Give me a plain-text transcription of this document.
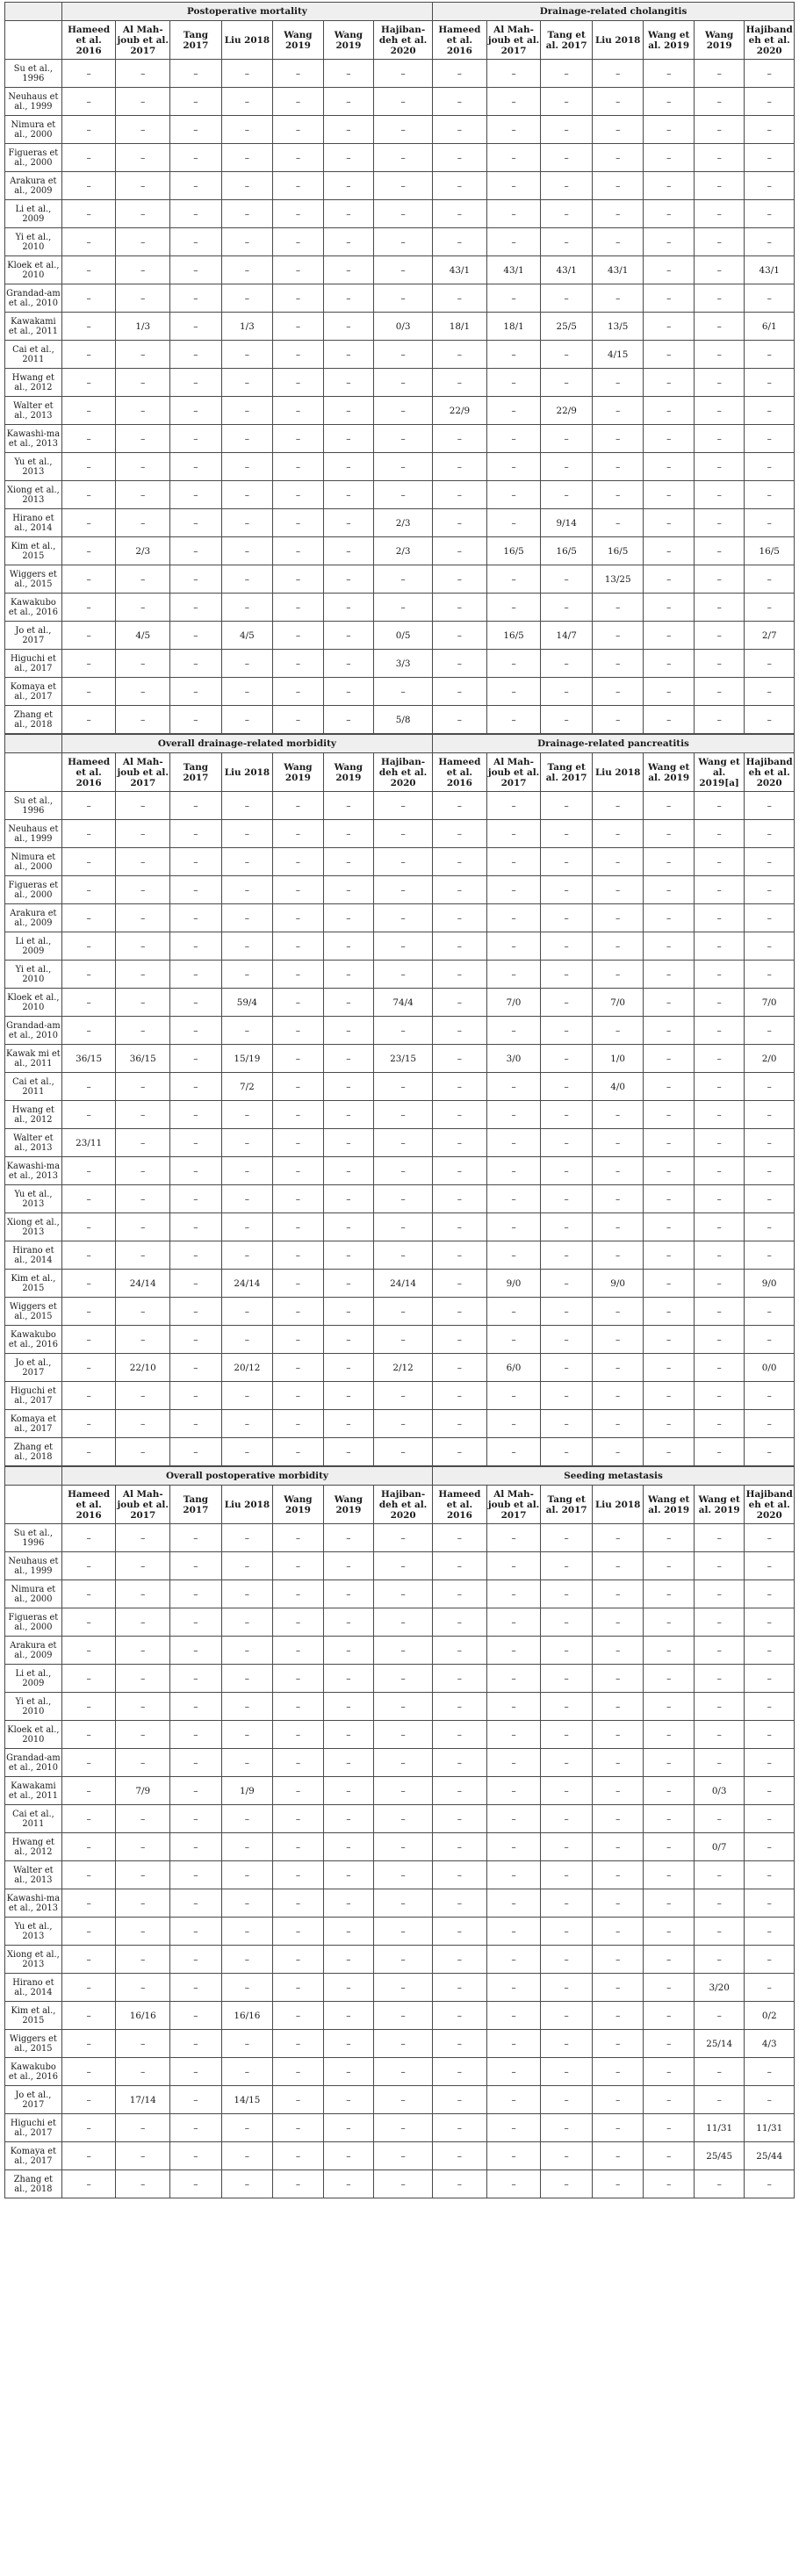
	Postoperative mortality							Drainage-related cholangitis						
	Hameed et al. 2016	Al Mah-joub et al. 2017	Tang 2017	Liu 2018	Wang 2019	Wang 2019	Hajiban-deh et al. 2020	Hameed et al. 2016	Al Mah-joub et al. 2017	Tang et al. 2017	Liu 2018	Wang et al. 2019	Wang 2019	Hajibandeh et al. 2020
Su et al., 1996	–	–	–	–	–	–	–	–	–	–	–	–	–	–
Neuhaus et al., 1999	–	–	–	–	–	–	–	–	–	–	–	–	–	–
Nimura et al., 2000	–	–	–	–	–	–	–	–	–	–	–	–	–	–
Figueras et al., 2000	–	–	–	–	–	–	–	–	–	–	–	–	–	–
Arakura et al., 2009	–	–	–	–	–	–	–	–	–	–	–	–	–	–
Li et al., 2009	–	–	–	–	–	–	–	–	–	–	–	–	–	–
Yi et al., 2010	–	–	–	–	–	–	–	–	–	–	–	–	–	–
Kloek et al., 2010	–	–	–	–	–	–	–	43/1	43/1	43/1	43/1	–	–	43/1
Grandad-am et al., 2010	–	–	–	–	–	–	–	–	–	–	–	–	–	–
Kawakami et al., 2011	–	1/3	–	1/3	–	–	0/3	18/1	18/1	25/5	13/5	–	–	6/1
Cai et al., 2011	–	–	–	–	–	–	–	–	–	–	4/15	–	–	–
Hwang et al., 2012	–	–	–	–	–	–	–	–	–	–	–	–	–	–
Walter et al., 2013	–	–	–	–	–	–	–	22/9	–	22/9	–	–	–	–
Kawashi-ma et al., 2013	–	–	–	–	–	–	–	–	–	–	–	–	–	–
Yu et al., 2013	–	–	–	–	–	–	–	–	–	–	–	–	–	–
Xiong et al., 2013	–	–	–	–	–	–	–	–	–	–	–	–	–	–
Hirano et al., 2014	–	–	–	–	–	–	2/3	–	–	9/14	–	–	–	–
Kim et al., 2015	–	2/3	–	–	–	–	2/3	–	16/5	16/5	16/5	–	–	16/5
Wiggers et al., 2015	–	–	–	–	–	–	–	–	–	–	13/25	–	–	–
Kawakubo et al., 2016	–	–	–	–	–	–	–	–	–	–	–	–	–	–
Jo et al., 2017	–	4/5	–	4/5	–	–	0/5	–	16/5	14/7	–	–	–	2/7
Higuchi et al., 2017	–	–	–	–	–	–	3/3	–	–	–	–	–	–	–
Komaya et al., 2017	–	–	–	–	–	–	–	–	–	–	–	–	–	–
Zhang et al., 2018	–	–	–	–	–	–	5/8	–	–	–	–	–	–	–
	Overall drainage-related morbidity							Drainage-related pancreatitis						
	Hameed et al. 2016	Al Mah-joub et al. 2017	Tang 2017	Liu 2018	Wang 2019	Wang 2019	Hajiban-deh et al. 2020	Hameed et al. 2016	Al Mah-joub et al. 2017	Tang et al. 2017	Liu 2018	Wang et al. 2019	Wang et al. 2019[a]	Hajibandeh et al. 2020
Su et al., 1996	–	–	–	–	–	–	–	–	–	–	–	–	–	–
Neuhaus et al., 1999	–	–	–	–	–	–	–	–	–	–	–	–	–	–
Nimura et al., 2000	–	–	–	–	–	–	–	–	–	–	–	–	–	–
Figueras et al., 2000	–	–	–	–	–	–	–	–	–	–	–	–	–	–
Arakura et al., 2009	–	–	–	–	–	–	–	–	–	–	–	–	–	–
Li et al., 2009	–	–	–	–	–	–	–	–	–	–	–	–	–	–
Yi et al., 2010	–	–	–	–	–	–	–	–	–	–	–	–	–	–
Kloek et al., 2010	–	–	–	59/4	–	–	74/4	–	7/0	–	7/0	–	–	7/0
Grandad-am et al., 2010	–	–	–	–	–	–	–	–	–	–	–	–	–	–
Kawak mi et al., 2011	36/15	36/15	–	15/19	–	–	23/15	–	3/0	–	1/0	–	–	2/0
Cai et al., 2011	–	–	–	7/2	–	–	–	–	–	–	4/0	–	–	–
Hwang et al., 2012	–	–	–	–	–	–	–	–	–	–	–	–	–	–
Walter et al., 2013	23/11	–	–	–	–	–	–	–	–	–	–	–	–	–
Kawashi-ma et al., 2013	–	–	–	–	–	–	–	–	–	–	–	–	–	–
Yu et al., 2013	–	–	–	–	–	–	–	–	–	–	–	–	–	–
Xiong et al., 2013	–	–	–	–	–	–	–	–	–	–	–	–	–	–
Hirano et al., 2014	–	–	–	–	–	–	–	–	–	–	–	–	–	–
Kim et al., 2015	–	24/14	–	24/14	–	–	24/14	–	9/0	–	9/0	–	–	9/0
Wiggers et al., 2015	–	–	–	–	–	–	–	–	–	–	–	–	–	–
Kawakubo et al., 2016	–	–	–	–	–	–	–	–	–	–	–	–	–	–
Jo et al., 2017	–	22/10	–	20/12	–	–	2/12	–	6/0	–	–	–	–	0/0
Higuchi et al., 2017	–	–	–	–	–	–	–	–	–	–	–	–	–	–
Komaya et al., 2017	–	–	–	–	–	–	–	–	–	–	–	–	–	–
Zhang et al., 2018	–	–	–	–	–	–	–	–	–	–	–	–	–	–
	Overall postoperative morbidity							Seeding metastasis						
	Hameed et al. 2016	Al Mah-joub et al. 2017	Tang 2017	Liu 2018	Wang 2019	Wang 2019	Hajiban-deh et al. 2020	Hameed et al. 2016	Al Mah-joub et al. 2017	Tang et al. 2017	Liu 2018	Wang et al. 2019	Wang et al. 2019	Hajibandeh et al. 2020
Su et al., 1996	–	–	–	–	–	–	–	–	–	–	–	–	–	–
Neuhaus et al., 1999	–	–	–	–	–	–	–	–	–	–	–	–	–	–
Nimura et al., 2000	–	–	–	–	–	–	–	–	–	–	–	–	–	–
Figueras et al., 2000	–	–	–	–	–	–	–	–	–	–	–	–	–	–
Arakura et al., 2009	–	–	–	–	–	–	–	–	–	–	–	–	–	–
Li et al., 2009	–	–	–	–	–	–	–	–	–	–	–	–	–	–
Yi et al., 2010	–	–	–	–	–	–	–	–	–	–	–	–	–	–
Kloek et al., 2010	–	–	–	–	–	–	–	–	–	–	–	–	–	–
Grandad-am et al., 2010	–	–	–	–	–	–	–	–	–	–	–	–	–	–
Kawakami et al., 2011	–	7/9	–	1/9	–	–	–	–	–	–	–	–	0/3	–
Cai et al., 2011	–	–	–	–	–	–	–	–	–	–	–	–	–	–
Hwang et al., 2012	–	–	–	–	–	–	–	–	–	–	–	–	0/7	–
Walter et al., 2013	–	–	–	–	–	–	–	–	–	–	–	–	–	–
Kawashi-ma et al., 2013	–	–	–	–	–	–	–	–	–	–	–	–	–	–
Yu et al., 2013	–	–	–	–	–	–	–	–	–	–	–	–	–	–
Xiong et al., 2013	–	–	–	–	–	–	–	–	–	–	–	–	–	–
Hirano et al., 2014	–	–	–	–	–	–	–	–	–	–	–	–	3/20	–
Kim et al., 2015	–	16/16	–	16/16	–	–	–	–	–	–	–	–	–	0/2
Wiggers et al., 2015	–	–	–	–	–	–	–	–	–	–	–	–	25/14	4/3
Kawakubo et al., 2016	–	–	–	–	–	–	–	–	–	–	–	–	–	–
Jo et al., 2017	–	17/14	–	14/15	–	–	–	–	–	–	–	–	–	–
Higuchi et al., 2017	–	–	–	–	–	–	–	–	–	–	–	–	11/31	11/31
Komaya et al., 2017	–	–	–	–	–	–	–	–	–	–	–	–	25/45	25/44
Zhang et al., 2018	–	–	–	–	–	–	–	–	–	–	–	–	–	–
